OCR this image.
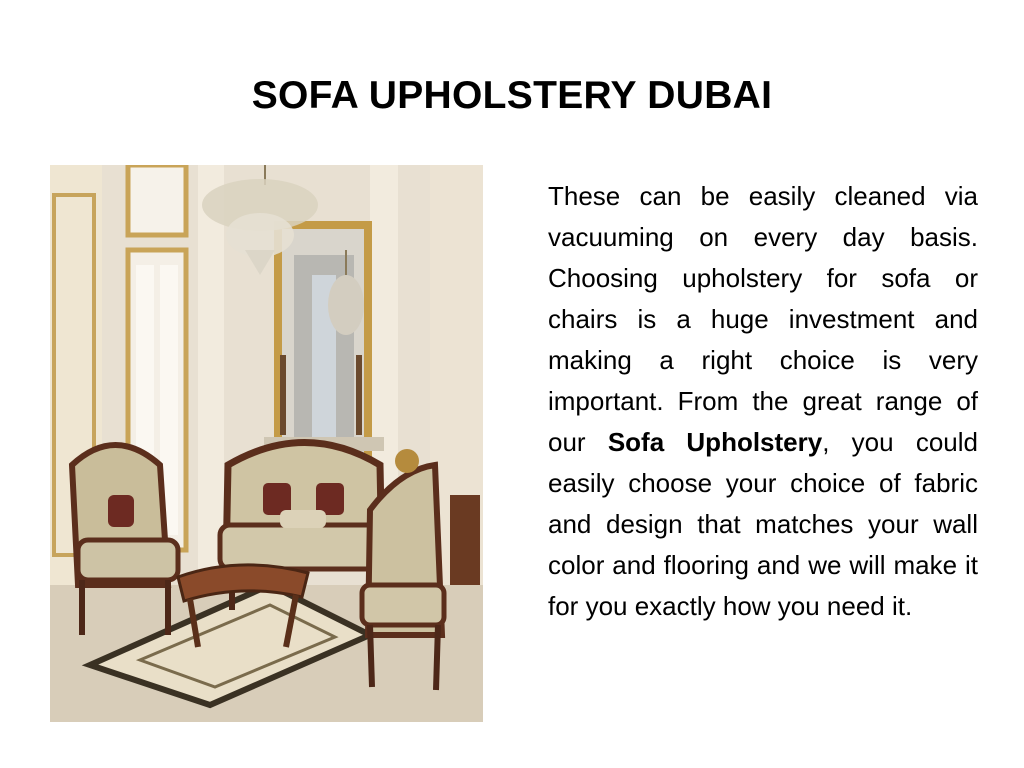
SOFA UPHOLSTERY DUBAI

These can be easily cleaned via vacuuming on every day basis. Choosing upholstery for sofa or chairs is a huge investment and making a right choice is very important. From the great range of our Sofa Upholstery, you could easily choose your choice of fabric and design that matches your wall color and flooring and we will make it for you exactly how you need it.
